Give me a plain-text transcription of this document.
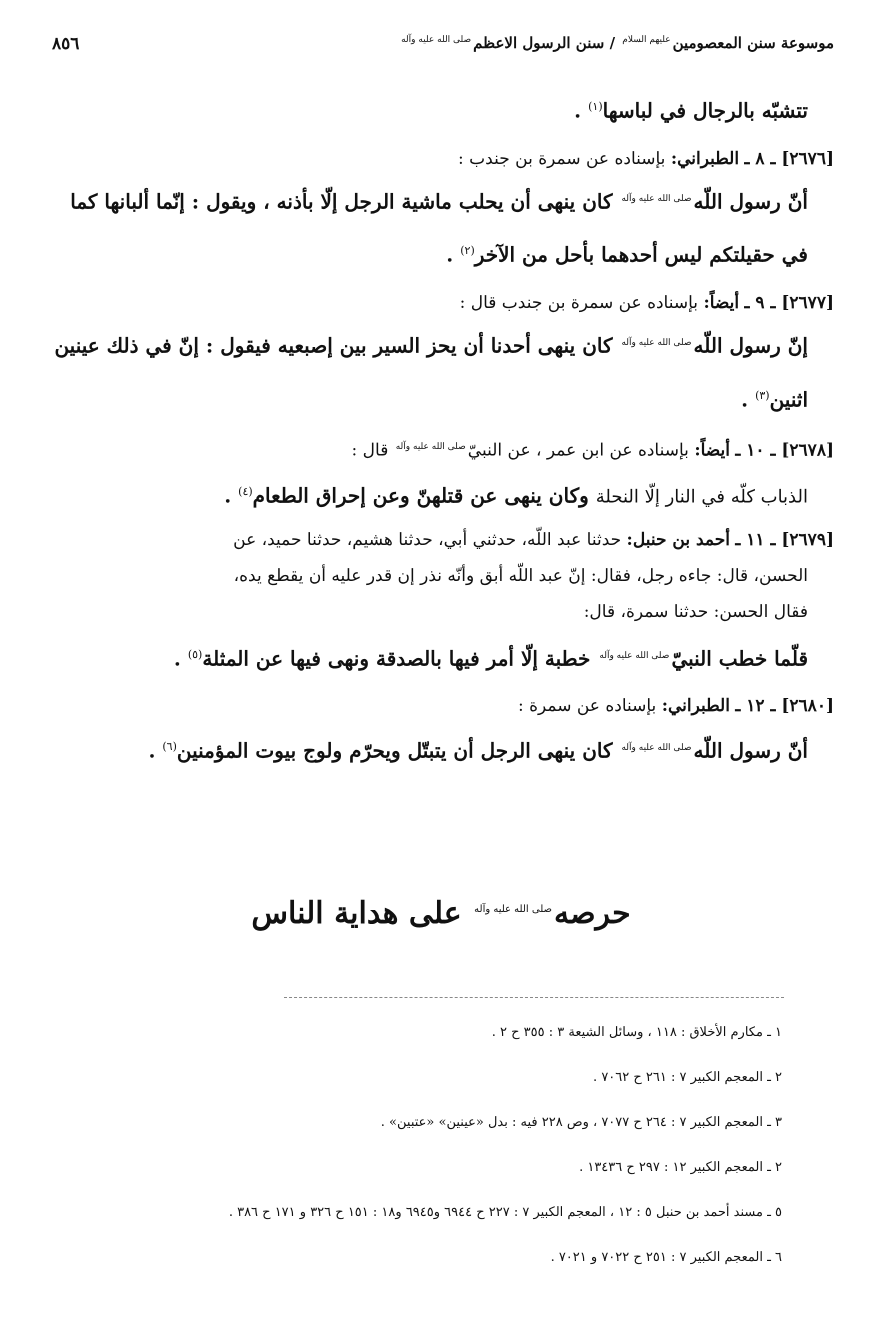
موسوعة سنن المعصومينعليهم السلام / سنن الرسول الاعظمصلى الله عليه وآله
٨٥٦

تتشبّه بالرجال في لباسها$^{(١)}$ .

[٢٦٧٦] ـ ٨ ـ الطبراني: بإسناده عن سمرة بن جندب :

أنّ رسول اللّهصلى الله عليه وآله كان ينهى أن يحلب ماشية الرجل إلّا بأذنه ، ويقول : إنّما ألبانها كما في حقيلتكم ليس أحدهما بأحل من الآخر$^{(٢)}$ .

[٢٦٧٧] ـ ٩ ـ أيضاً: بإسناده عن سمرة بن جندب قال :

إنّ رسول اللّهصلى الله عليه وآله كان ينهى أحدنا أن يحز السير بين إصبعيه فيقول : إنّ في ذلك عينين اثنين$^{(٣)}$ .

[٢٦٧٨] ـ ١٠ ـ أيضاً: بإسناده عن ابن عمر ، عن النبيّصلى الله عليه وآله قال :

الذباب كلّه في النار إلّا النحلة وكان ينهى عن قتلهنّ وعن إحراق الطعام$^{(٤)}$ .

[٢٦٧٩] ـ ١١ ـ أحمد بن حنبل: حدثنا عبد اللّه، حدثني أبي، حدثنا هشيم، حدثنا حميد، عن

الحسن، قال: جاءه رجل، فقال: إنّ عبد اللّه أبق وأنّه نذر إن قدر عليه أن يقطع يده،

فقال الحسن: حدثنا سمرة، قال:

قلّما خطب النبيّصلى الله عليه وآله خطبة إلّا أمر فيها بالصدقة ونهى فيها عن المثلة$^{(٥)}$ .

[٢٦٨٠] ـ ١٢ ـ الطبراني: بإسناده عن سمرة :

أنّ رسول اللّهصلى الله عليه وآله كان ينهى الرجل أن يتبتّل ويحرّم ولوج بيوت المؤمنين$^{(٦)}$ .

حرصهصلى الله عليه وآله على هداية الناس
١ ـ مكارم الأخلاق : ١١٨ ، وسائل الشيعة ٣ : ٣٥٥ ح ٢ .
٢ ـ المعجم الكبير ٧ : ٢٦١ ح ٧٠٦٢ .
٣ ـ المعجم الكبير ٧ : ٢٦٤ ح ٧٠٧٧ ، وص ٢٢٨ فيه : بدل «عينين» «عتبين» .
٢ ـ المعجم الكبير ١٢ : ٢٩٧ ح ١٣٤٣٦ .
٥ ـ مسند أحمد بن حنبل ٥ : ١٢ ، المعجم الكبير ٧ : ٢٢٧ ح ٦٩٤٤ و٦٩٤٥ و١٨ : ١٥١ ح ٣٢٦ و ١٧١ ح ٣٨٦ .
٦ ـ المعجم الكبير ٧ : ٢٥١ ح ٧٠٢٢ و ٧٠٢١ .
